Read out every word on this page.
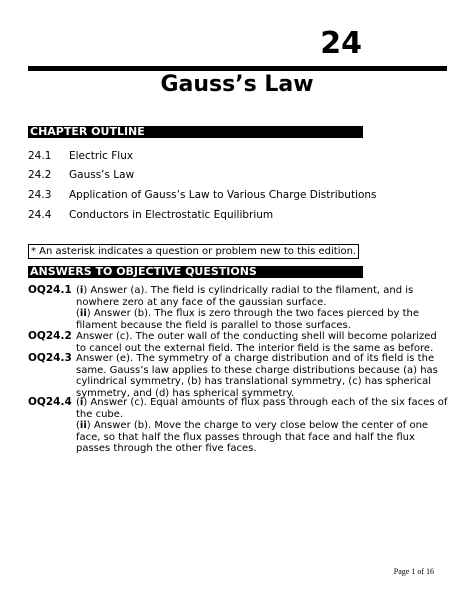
24
Gauss’s Law
CHAPTER OUTLINE
24.1 Electric Flux
24.2 Gauss’s Law
24.3 Application of Gauss’s Law to Various Charge Distributions
24.4 Conductors in Electrostatic Equilibrium
* An asterisk indicates a question or problem new to this edition.
ANSWERS TO OBJECTIVE QUESTIONS
OQ24.1 (i) Answer (a). The field is cylindrically radial to the filament, and is nowhere zero at any face of the gaussian surface.
(ii) Answer (b). The flux is zero through the two faces pierced by the filament because the field is parallel to those surfaces.
OQ24.2 Answer (c). The outer wall of the conducting shell will become polarized to cancel out the external field. The interior field is the same as before.
OQ24.3 Answer (e). The symmetry of a charge distribution and of its field is the same. Gauss’s law applies to these charge distributions because (a) has cylindrical symmetry, (b) has translational symmetry, (c) has spherical symmetry, and (d) has spherical symmetry.
OQ24.4 (i) Answer (c). Equal amounts of flux pass through each of the six faces of the cube.
(ii) Answer (b). Move the charge to very close below the center of one face, so that half the flux passes through that face and half the flux passes through the other five faces.
Page 1 of 16
